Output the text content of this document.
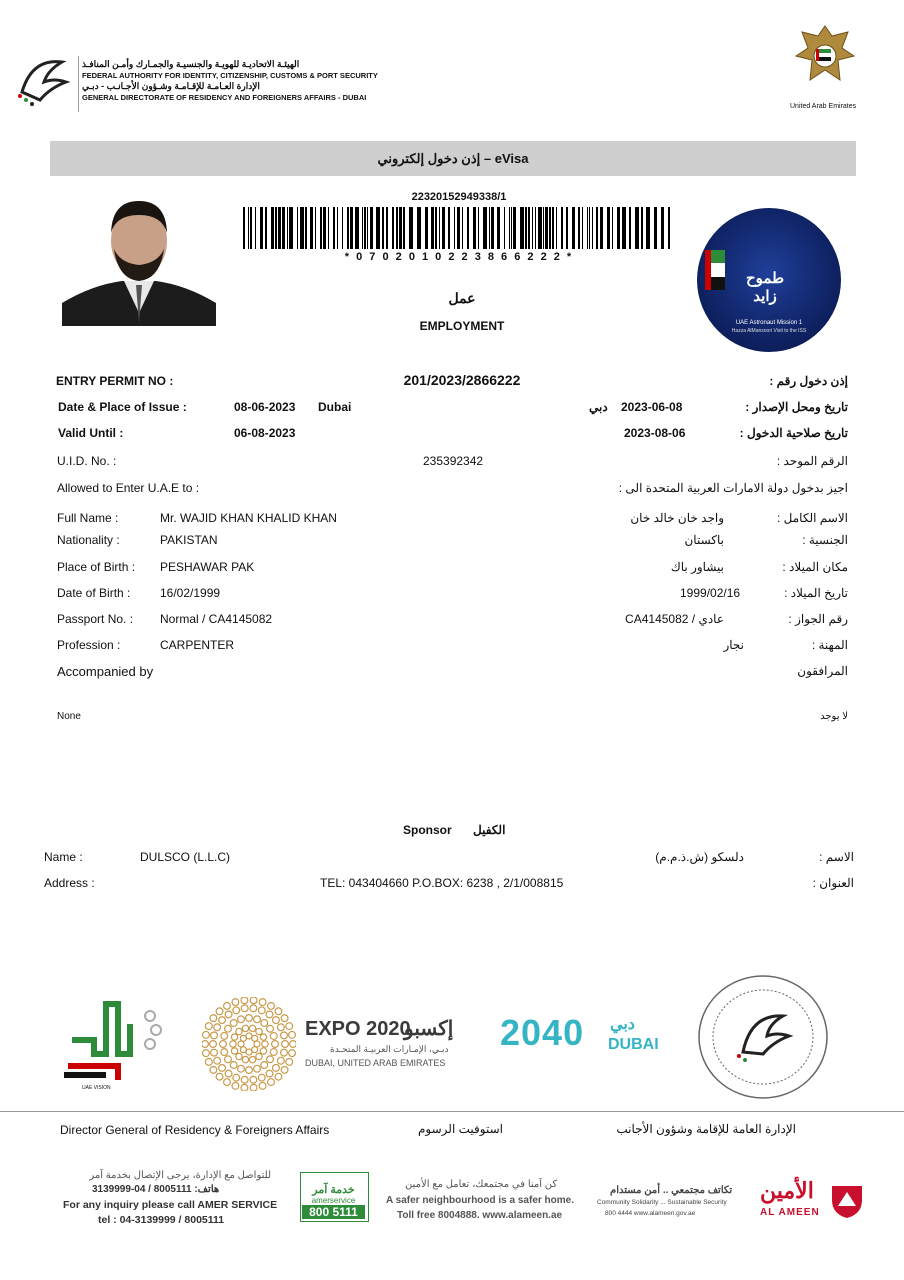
الهيئـة الاتحاديـة للهويـة والجنسيـة والجمـارك وأمـن المنافـذ
FEDERAL AUTHORITY FOR IDENTITY, CITIZENSHIP, CUSTOMS & PORT SECURITY
الإدارة العـامـة للإقـامـة وشـؤون الأجـانـب - دبـي
GENERAL DIRECTORATE OF RESIDENCY AND FOREIGNERS AFFAIRS - DUBAI
United Arab Emirates
إذن دخول إلكتروني – eVisa
22320152949338/1
* 0 7 0 2 0 1 0 2 2 3 8 6 6 2 2 2 *
عمل
EMPLOYMENT
طموح زايد
UAE Astronaut Mission 1
Hazza AlMansoori Visit to the ISS
ENTRY PERMIT NO :	201/2023/2866222	إذن دخول رقم :
Date & Place of Issue :	08-06-2023 Dubai	دبي 2023-06-08	تاريخ ومحل الإصدار :
Valid Until :	06-08-2023	2023-08-06	تاريخ صلاحية الدخول :
U.I.D. No. :	235392342	الرقم الموحد :
Allowed to Enter U.A.E to :	اجيز بدخول دولة الامارات العربية المتحدة الى :
Full Name :	Mr. WAJID KHAN KHALID KHAN	واجد خان خالد خان	الاسم الكامل :
Nationality :	PAKISTAN	باكستان	الجنسية :
Place of Birth : PESHAWAR PAK	بيشاور باك	مكان الميلاد :
Date of Birth : 16/02/1999	1999/02/16	تاريخ الميلاد :
Passport No. : Normal / CA4145082	عادي / CA4145082	رقم الجواز :
Profession :	CARPENTER	نجار	المهنة :
Accompanied by	المرافقون
None	لا يوجد
Sponsor الكفيل
Name :	DULSCO (L.L.C)	دلسكو (ش.ذ.م.م)	الاسم :
Address :	TEL: 043404660 P.O.BOX: 6238 , 2/1/008815	العنوان :
UAE VISION
EXPO 2020
إكسبو
دبـي، الإمـارات العربيـة المتحـدة
DUBAI, UNITED ARAB EMIRATES
2040 دبي
DUBAI
Director General of Residency & Foreigners Affairs	استوفيت الرسوم	الإدارة العامة للإقامة وشؤون الأجانب
للتواصل مع الإدارة، يرجى الإتصال بخدمة آمر
هاتف: 8005111 / 04-3139999
For any inquiry please call AMER SERVICE
tel : 04-3139999 / 8005111
خدمة آمر
amerservice
800 5111
كن آمنا في مجتمعك، تعامل مع الأمين
A safer neighbourhood is a safer home.
Toll free 8004888. www.alameen.ae
تكاتف مجتمعي .. أمن مستدام
Community Solidarity ... Sustainable Security
800 4444 www.alameen.gov.ae
الأمين
AL AMEEN
